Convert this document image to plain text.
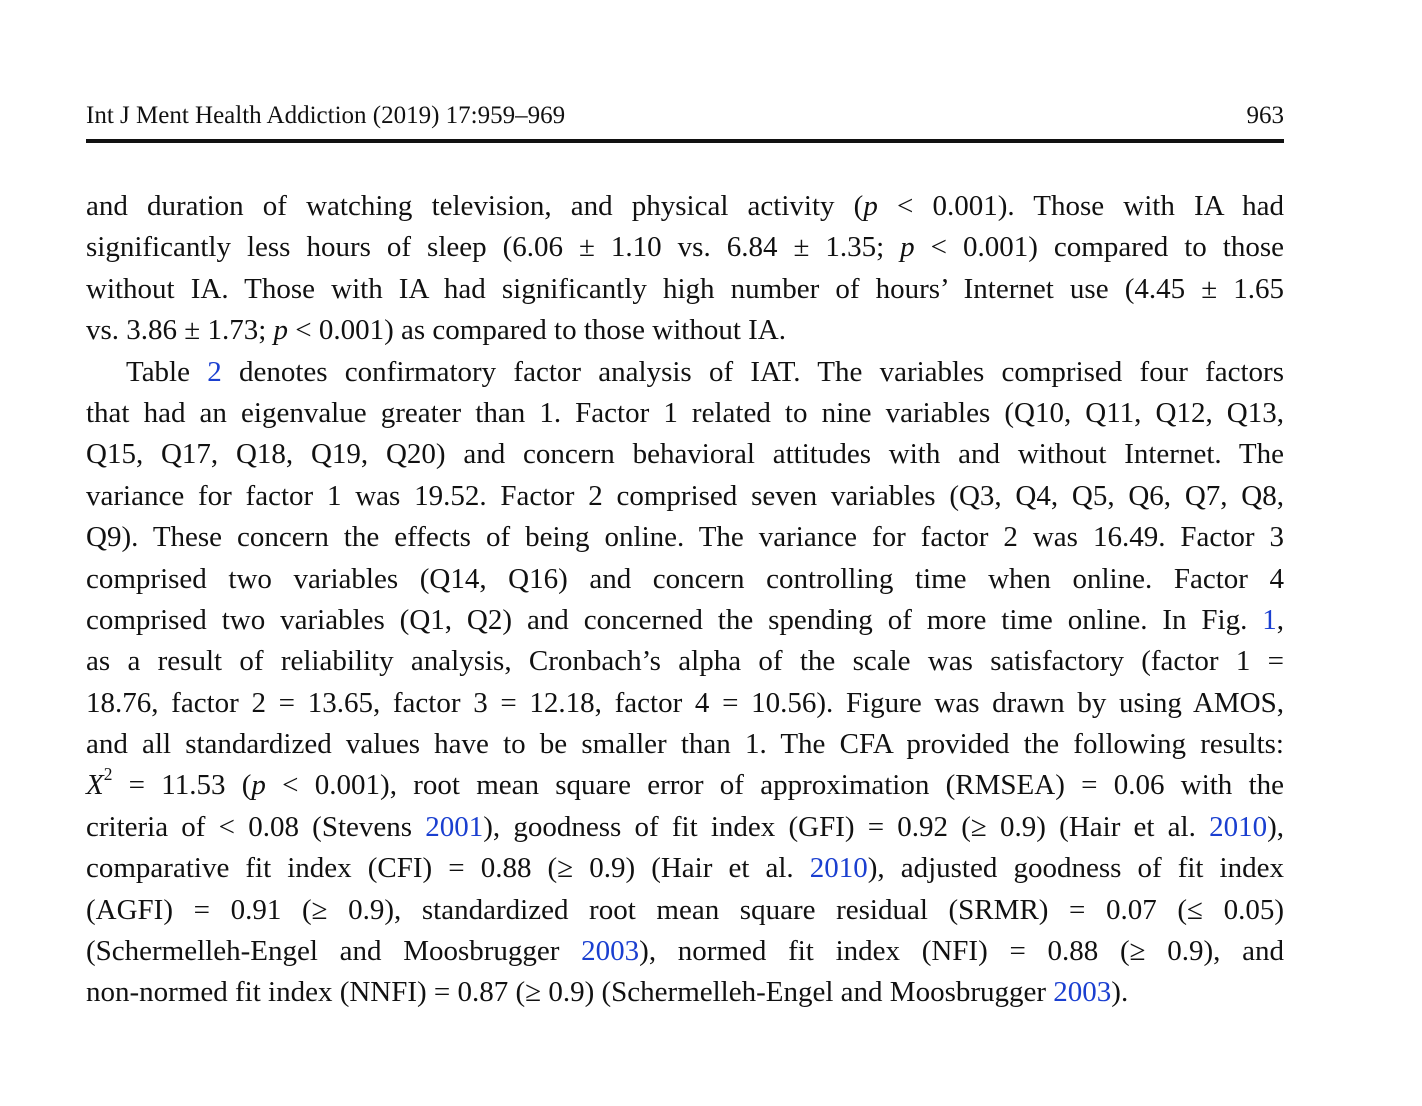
Int J Ment Health Addiction (2019) 17:959–969	963
and duration of watching television, and physical activity (p < 0.001). Those with IA had
significantly less hours of sleep (6.06 ± 1.10 vs. 6.84 ± 1.35; p < 0.001) compared to those
without IA. Those with IA had significantly high number of hours’ Internet use (4.45 ± 1.65
vs. 3.86 ± 1.73; p < 0.001) as compared to those without IA.
Table 2 denotes confirmatory factor analysis of IAT. The variables comprised four factors
that had an eigenvalue greater than 1. Factor 1 related to nine variables (Q10, Q11, Q12, Q13,
Q15, Q17, Q18, Q19, Q20) and concern behavioral attitudes with and without Internet. The
variance for factor 1 was 19.52. Factor 2 comprised seven variables (Q3, Q4, Q5, Q6, Q7, Q8,
Q9). These concern the effects of being online. The variance for factor 2 was 16.49. Factor 3
comprised two variables (Q14, Q16) and concern controlling time when online. Factor 4
comprised two variables (Q1, Q2) and concerned the spending of more time online. In Fig. 1,
as a result of reliability analysis, Cronbach’s alpha of the scale was satisfactory (factor 1 =
18.76, factor 2 = 13.65, factor 3 = 12.18, factor 4 = 10.56). Figure was drawn by using AMOS,
and all standardized values have to be smaller than 1. The CFA provided the following results:
$X^2 = 11.53$ (p < 0.001), root mean square error of approximation (RMSEA) = 0.06 with the
criteria of < 0.08 (Stevens 2001), goodness of fit index (GFI) = 0.92 (≥ 0.9) (Hair et al. 2010),
comparative fit index (CFI) = 0.88 (≥ 0.9) (Hair et al. 2010), adjusted goodness of fit index
(AGFI) = 0.91 (≥ 0.9), standardized root mean square residual (SRMR) = 0.07 (≤ 0.05)
(Schermelleh-Engel and Moosbrugger 2003), normed fit index (NFI) = 0.88 (≥ 0.9), and
non-normed fit index (NNFI) = 0.87 (≥ 0.9) (Schermelleh-Engel and Moosbrugger 2003).
